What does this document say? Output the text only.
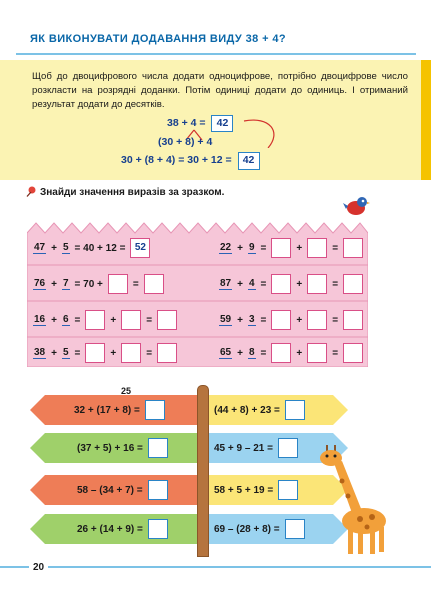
ЯК ВИКОНУВАТИ ДОДАВАННЯ ВИДУ 38 + 4?
Щоб до двоцифрового числа додати одноцифрове, потрібно двоцифрове число розкласти на розрядні доданки. Потім одиниці додати до одиниць. І отриманий результат додати до десятків.
38 + 4 = 42
(30 + 8) + 4
30 + (8 + 4) = 30 + 12 = 42
Знайди значення виразів за зразком.
47 + 5 = 40 + 12 = 52	22 + 9 =	+	=
76 + 7 = 70 +	=	87 + 4 =	+	=
16 + 6 =	+	=	59 + 3 =	+	=
38 + 5 =	+	=	65 + 8 =	+	=
25
32 + (17 + 8) =
(37 + 5) + 16 =
58 – (34 + 7) =
26 + (14 + 9) =
(44 + 8) + 23 =
45 + 9 – 21 =
58 + 5 + 19 =
69 – (28 + 8) =
20
